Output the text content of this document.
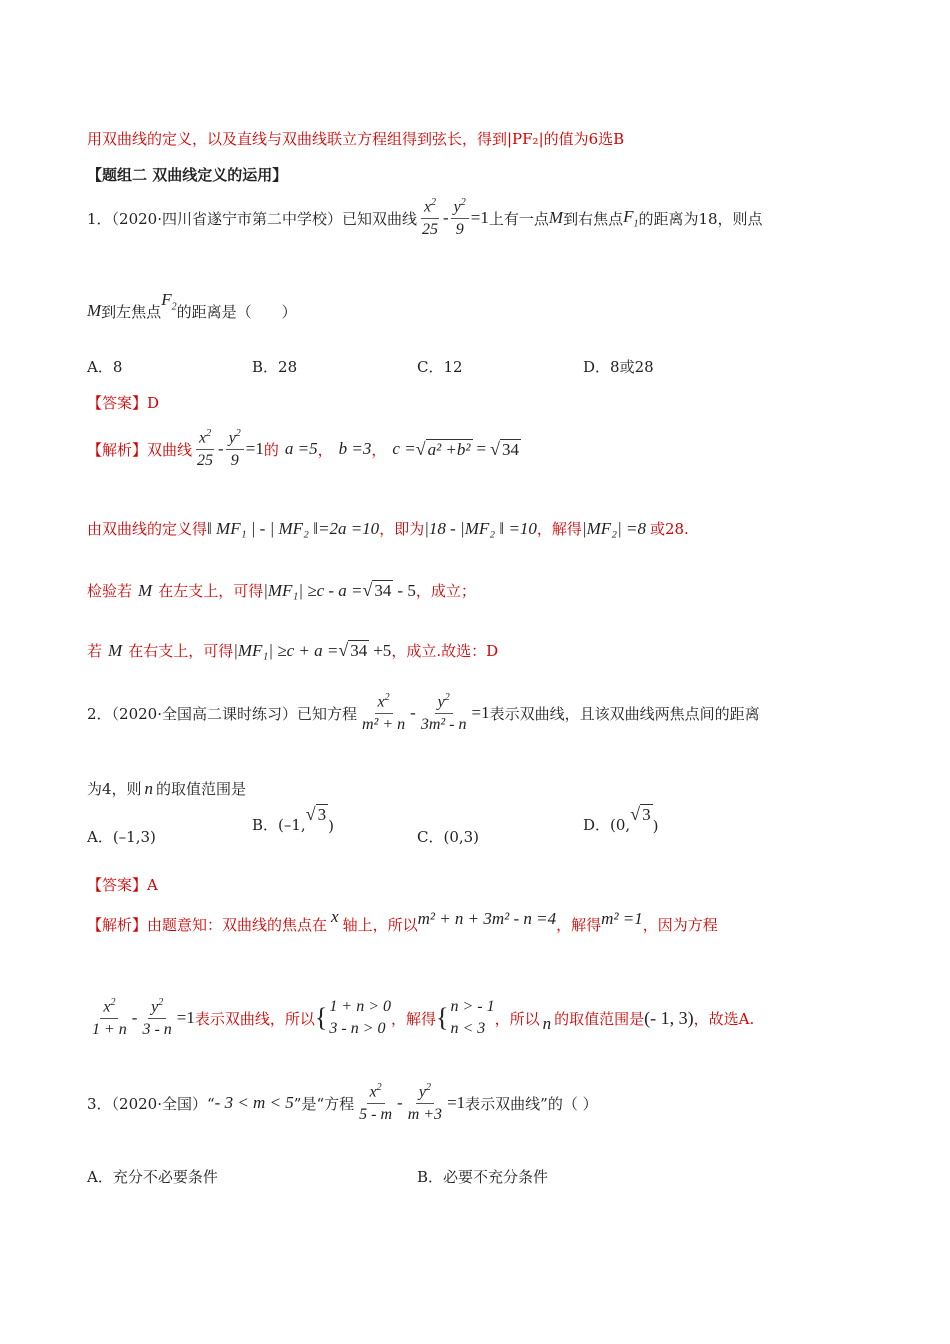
用双曲线的定义，以及直线与双曲线联立方程组得到弦长，得到|PF₂|的值为6选B
【题组二 双曲线定义的运用】
1．（2020·四川省遂宁市第二中学校）已知双曲线 $\frac{x^2}{25} - \frac{y^2}{9} =1$ 上有一点 M 到右焦点 $F_1$ 的距离为18，则点
M 到左焦点
$F_2$ 的距离是（　　）
A．8	B．28	C．12	D．8或28
【答案】D
【解析】双曲线 $\frac{x^2}{25} - \frac{y^2}{9} =1$ 的 a =5 ， b =3 ， c = √ a² +b² = √ 34
由双曲线的定义得 ‖ MF₁ | - | MF₂ ‖=2a =10 ，即为 |18 - |MF₂ ‖ =10 ，解得 |MF₂| =8 或28.
检验若 M 在左支上，可得 |MF₁| ≥c - a = √ 34 - 5 ，成立；
若 M 在右支上，可得 |MF₁| ≥c + a = √ 34 +5 ，成立.故选：D
2．（2020·全国高二课时练习）已知方程 $\frac{x^2}{\text{m² + n}} - \frac{y^2}{\text{3m² - n}} =1$ 表示双曲线，且该双曲线两焦点间的距离
为4，则 n 的取值范围是
A．(–1,3)
B．(–1,
√ 3
)
C．(0,3)
D．(0,
√ 3
)
【答案】A
【解析】由题意知：双曲线的焦点在 x 轴上，所以 m² + n + 3m² - n =4 ，解得 m² =1 ，因为方程
$\frac{x^2}{1 + n} - \frac{y^2}{3 - n} =1$ 表示双曲线，所以 { 1 + n > 0
3 - n > 0
，解得 { n > - 1
n < 3
，所以 n 的取值范围是 (- 1, 3) ，故选A.
3．（2020·全国）“ - 3 < m < 5 ”是“方程 $\frac{x^2}{5 - m} - \frac{y^2}{m +3} =1$ 表示双曲线”的（ ）
A．充分不必要条件	B．必要不充分条件
